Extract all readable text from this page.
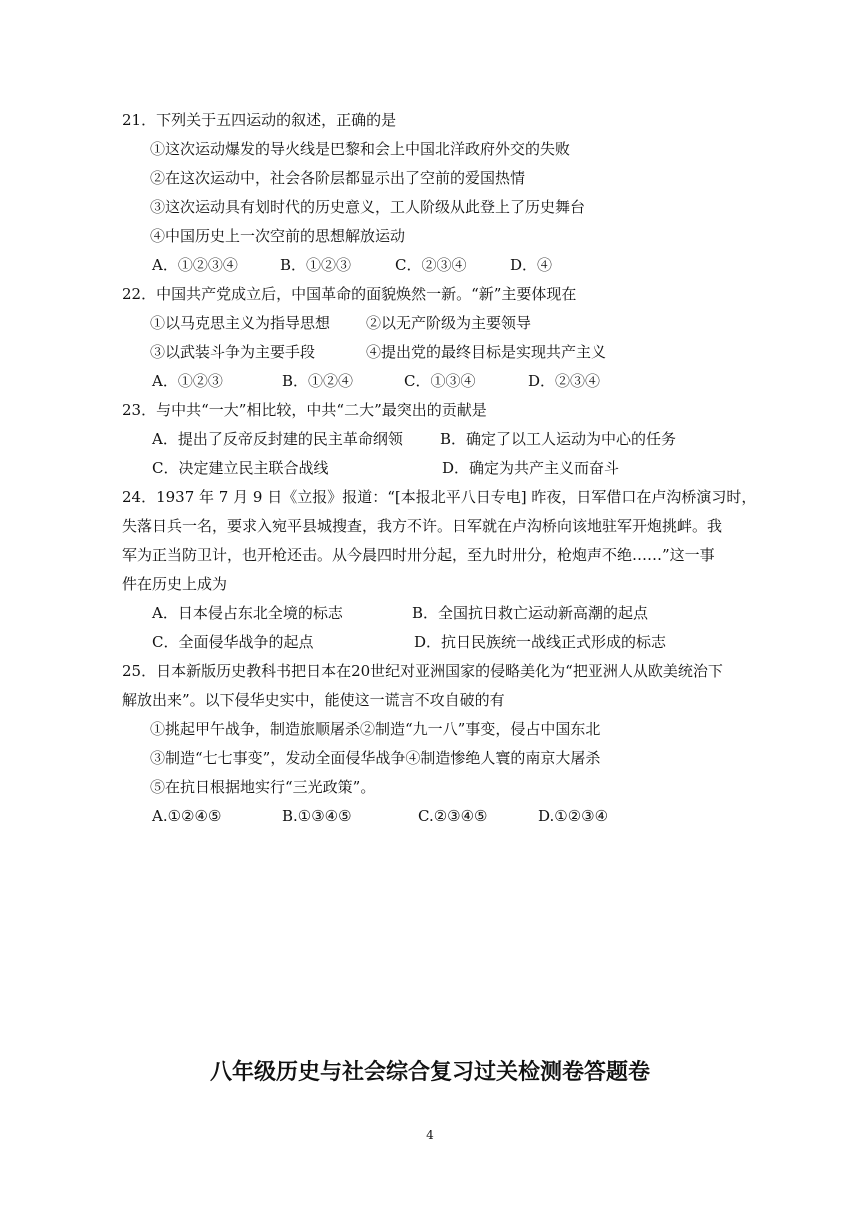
21．下列关于五四运动的叙述，正确的是
①这次运动爆发的导火线是巴黎和会上中国北洋政府外交的失败
②在这次运动中，社会各阶层都显示出了空前的爱国热情
③这次运动具有划时代的历史意义，工人阶级从此登上了历史舞台
④中国历史上一次空前的思想解放运动
A．①②③④	B．①②③	C．②③④	D．④
22．中国共产党成立后，中国革命的面貌焕然一新。“新”主要体现在
①以马克思主义为指导思想 ②以无产阶级为主要领导
③以武装斗争为主要手段	④提出党的最终目标是实现共产主义
A．①②③	B．①②④	C．①③④	D．②③④
23．与中共“一大”相比较，中共“二大”最突出的贡献是
A．提出了反帝反封建的民主革命纲领 B．确定了以工人运动为中心的任务
C．决定建立民主联合战线	D．确定为共产主义而奋斗
24．1937 年 7 月 9 日《立报》报道：“[本报北平八日专电] 昨夜，日军借口在卢沟桥演习时，
失落日兵一名，要求入宛平县城搜查，我方不许。日军就在卢沟桥向该地驻军开炮挑衅。我
军为正当防卫计，也开枪还击。从今晨四时卅分起，至九时卅分，枪炮声不绝……”这一事
件在历史上成为
A．日本侵占东北全境的标志	B．全国抗日救亡运动新高潮的起点
C．全面侵华战争的起点	D．抗日民族统一战线正式形成的标志
25．日本新版历史教科书把日本在20世纪对亚洲国家的侵略美化为“把亚洲人从欧美统治下
解放出来”。以下侵华史实中，能使这一谎言不攻自破的有
①挑起甲午战争，制造旅顺屠杀②制造“九一八”事变，侵占中国东北
③制造“七七事变”，发动全面侵华战争④制造惨绝人寰的南京大屠杀
⑤在抗日根据地实行“三光政策”。
A.①②④⑤	B.①③④⑤	C.②③④⑤	D.①②③④
八年级历史与社会综合复习过关检测卷答题卷
4
